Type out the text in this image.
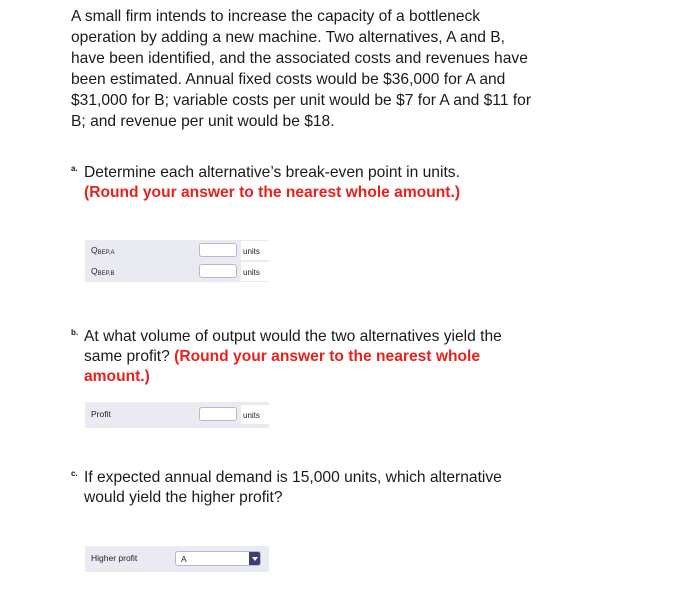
A small firm intends to increase the capacity of a bottleneck operation by adding a new machine. Two alternatives, A and B, have been identified, and the associated costs and revenues have been estimated. Annual fixed costs would be $36,000 for A and $31,000 for B; variable costs per unit would be $7 for A and $11 for B; and revenue per unit would be $18.
a. Determine each alternative’s break-even point in units.
(Round your answer to the nearest whole amount.)
$Q_{BEP,A}$	units
$Q_{BEP,B}$	units
b. At what volume of output would the two alternatives yield the same profit? (Round your answer to the nearest whole amount.)
Profit	units
c. If expected annual demand is 15,000 units, which alternative would yield the higher profit?
Higher profit	A
